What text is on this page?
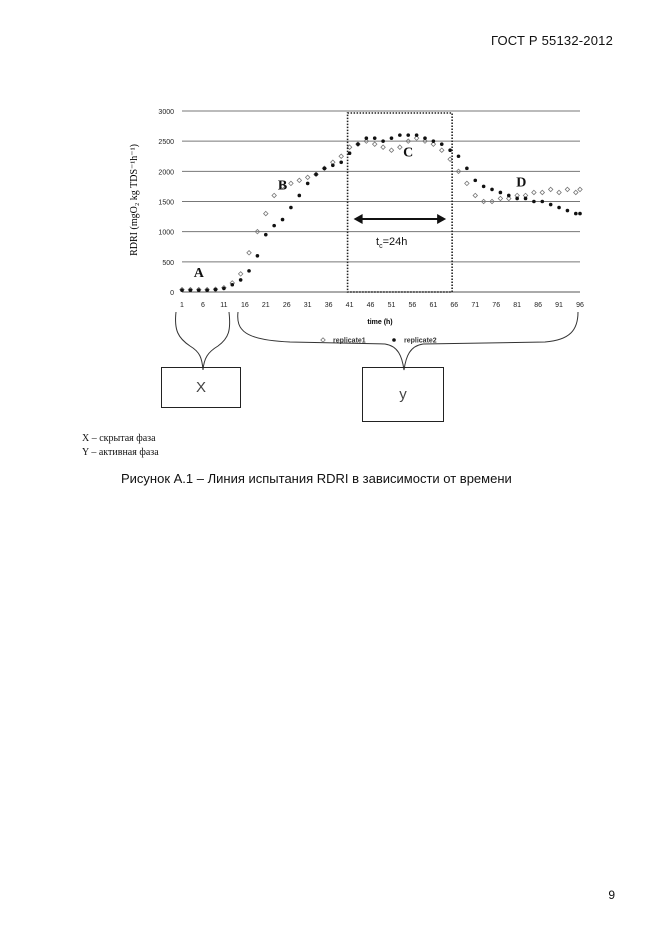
ГОСТ Р 55132-2012
0
500
1000
1500
2000
2500
3000
1 6 11 16 21 26 31 36 41 46 51 56 61 66 71 76 81 86 91 96
A
B
C
D
$t_c=24h$
RDRI (mgO₂ kg TDS⁻¹h⁻¹)
time (h)
replicate1	replicate2
X	у
X – скрытая фаза
Y – активная фаза
Рисунок А.1 – Линия испытания RDRI в зависимости от времени
9
